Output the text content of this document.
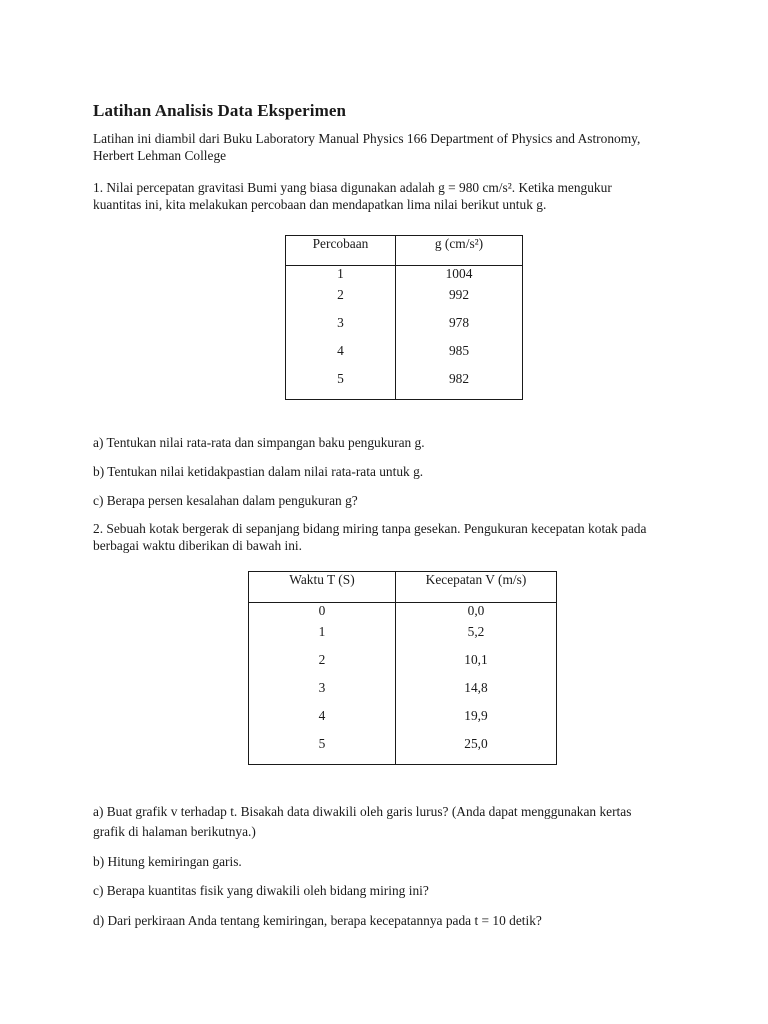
Latihan Analisis Data Eksperimen

Latihan ini diambil dari Buku Laboratory Manual Physics 166 Department of Physics and Astronomy, Herbert Lehman College

1. Nilai percepatan gravitasi Bumi yang biasa digunakan adalah g = 980 cm/s². Ketika mengukur kuantitas ini, kita melakukan percobaan dan mendapatkan lima nilai berikut untuk g.

Percobaan	g (cm/s²)
1	1004
2	992
3	978
4	985
5	982

a) Tentukan nilai rata-rata dan simpangan baku pengukuran g.

b) Tentukan nilai ketidakpastian dalam nilai rata-rata untuk g.

c) Berapa persen kesalahan dalam pengukuran g?

2. Sebuah kotak bergerak di sepanjang bidang miring tanpa gesekan. Pengukuran kecepatan kotak pada berbagai waktu diberikan di bawah ini.

Waktu T (S)	Kecepatan V (m/s)
0	0,0
1	5,2
2	10,1
3	14,8
4	19,9
5	25,0

a) Buat grafik v terhadap t. Bisakah data diwakili oleh garis lurus? (Anda dapat menggunakan kertas grafik di halaman berikutnya.)

b) Hitung kemiringan garis.

c) Berapa kuantitas fisik yang diwakili oleh bidang miring ini?

d) Dari perkiraan Anda tentang kemiringan, berapa kecepatannya pada t = 10 detik?
